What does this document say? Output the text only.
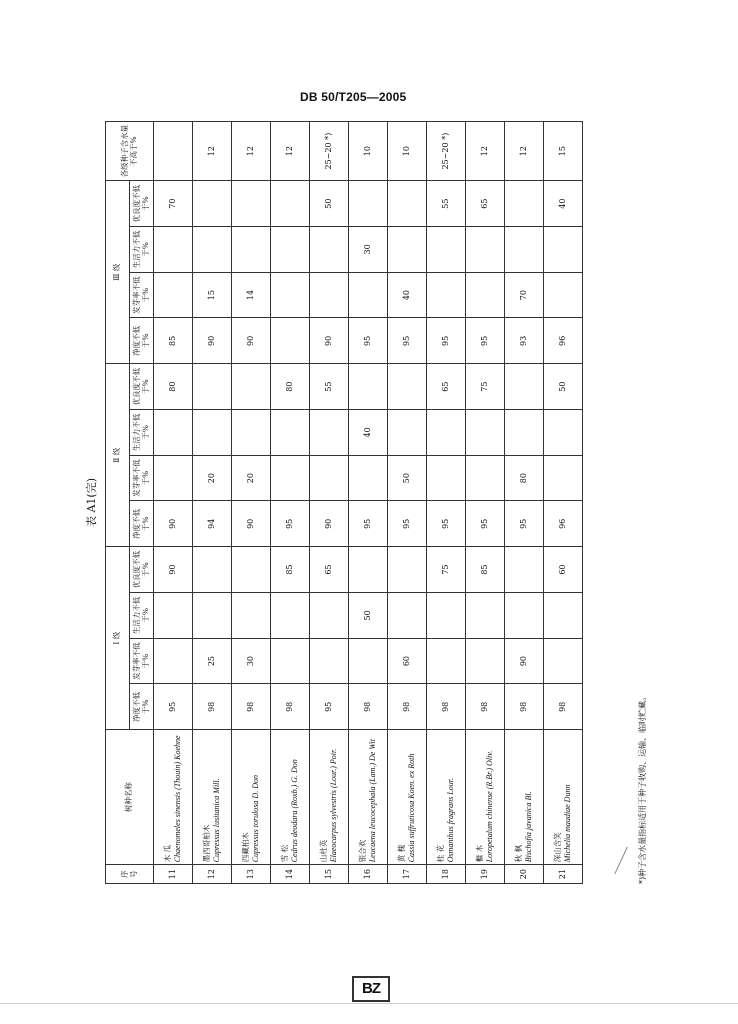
DB 50/T205—2005
表 A1(完)
序号	树种名称	Ⅰ 级				Ⅱ 级				Ⅲ 级				各级种子含水量不高于%
		净度不低于%	发芽率不低于%	生活力不低于%	优良度不低于%	净度不低于%	发芽率不低于%	生活力不低于%	优良度不低于%	净度不低于%	发芽率不低于%	生活力不低于%	优良度不低于%	
11	木 瓜 Chaenomeles sinensis (Thouin) Koehne	95			90	90			80	85			70	
12	墨西哥柏木 Cupressus lusitanica Mill.	98	25			94	20			90	15			12
13	西藏柏木 Cupressus torulosa D. Don	98	30			90	20			90	14			12
14	雪 松 Cedrus deodara (Roxb.) G. Don	98			85	95			80					12
15	山杜英 Elaeocarpus sylvestris (Lour.) Poir.	95			65	90			55	90			50	25~20 *)
16	银合欢 Leucaena leucocephala (Lam.) De Wit	98		50		95		40		95		30		10
17	黄 槐 Cassia suffruticosa Koen. ex Roth	98	60			95	50			95	40			10
18	桂 花 Osmanthus fragrans Lour.	98			75	95			65	95			55	25~20 *)
19	檵 木 Loropetalum chinense (R.Br.) Oliv.	98			85	95			75	95			65	12
20	秋 枫 Bischofia javanica Bl.	98	90			95	80			93	70			12
21	深山含笑 Michelia maudiae Dunn	98			60	96			50	96			40	15
*)种子含水量指标适用于种子收购、运输、临时贮藏。
BZ
